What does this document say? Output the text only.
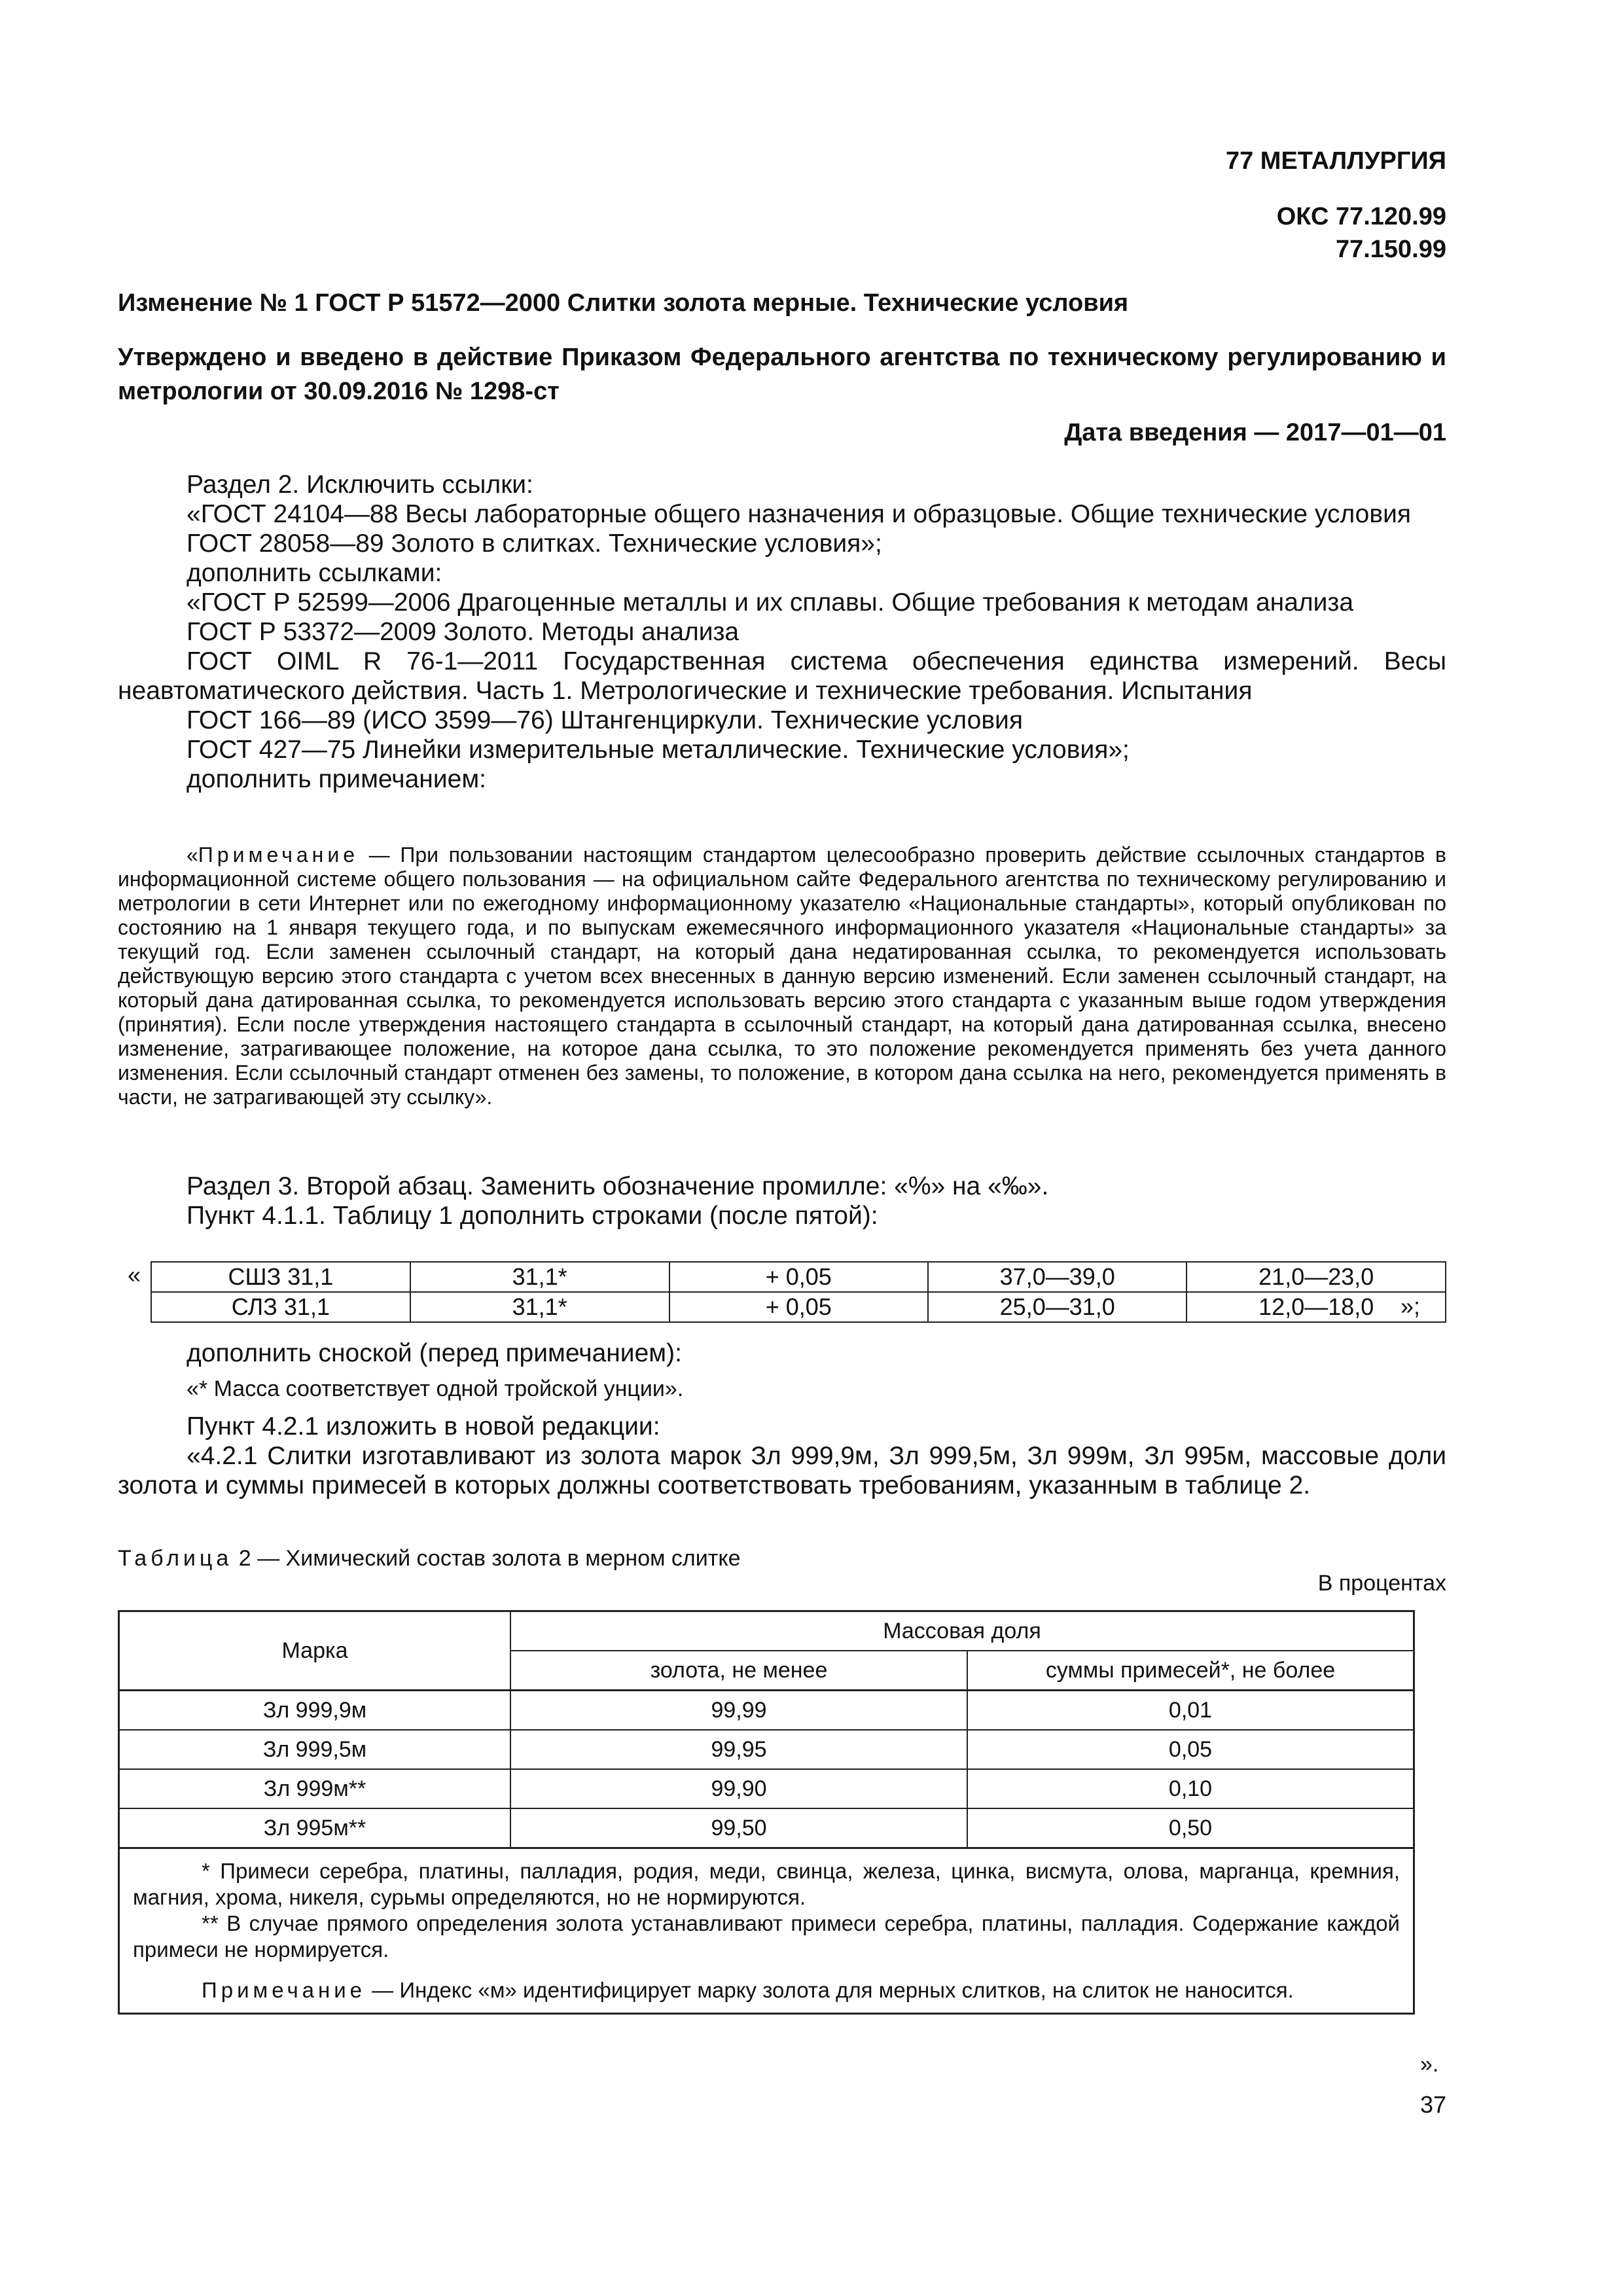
77 МЕТАЛЛУРГИЯ
ОКС 77.120.99
77.150.99
Изменение № 1 ГОСТ Р 51572—2000 Слитки золота мерные. Технические условия
Утверждено и введено в действие Приказом Федерального агентства по техническому регулированию и метрологии от 30.09.2016 № 1298-ст
Дата введения — 2017—01—01

Раздел 2. Исключить ссылки:

«ГОСТ 24104—88 Весы лабораторные общего назначения и образцовые. Общие технические условия

ГОСТ 28058—89 Золото в слитках. Технические условия»;

дополнить ссылками:

«ГОСТ Р 52599—2006 Драгоценные металлы и их сплавы. Общие требования к методам анализа

ГОСТ Р 53372—2009 Золото. Методы анализа

ГОСТ OIML R 76-1—2011 Государственная система обеспечения единства измерений. Весы неавтоматического действия. Часть 1. Метрологические и технические требования. Испытания

ГОСТ 166—89 (ИСО 3599—76) Штангенциркули. Технические условия

ГОСТ 427—75 Линейки измерительные металлические. Технические условия»;

дополнить примечанием:

«Примечание — При пользовании настоящим стандартом целесообразно проверить действие ссылочных стандартов в информационной системе общего пользования — на официальном сайте Федерального агентства по техническому регулированию и метрологии в сети Интернет или по ежегодному информационному указателю «Национальные стандарты», который опубликован по состоянию на 1 января текущего года, и по выпускам ежемесячного информационного указателя «Национальные стандарты» за текущий год. Если заменен ссылочный стандарт, на который дана недатированная ссылка, то рекомендуется использовать действующую версию этого стандарта с учетом всех внесенных в данную версию изменений. Если заменен ссылочный стандарт, на который дана датированная ссылка, то рекомендуется использовать версию этого стандарта с указанным выше годом утверждения (принятия). Если после утверждения настоящего стандарта в ссылочный стандарт, на который дана датированная ссылка, внесено изменение, затрагивающее положение, на которое дана ссылка, то это положение рекомендуется применять без учета данного изменения. Если ссылочный стандарт отменен без замены, то положение, в котором дана ссылка на него, рекомендуется применять в части, не затрагивающей эту ссылку».

Раздел 3. Второй абзац. Заменить обозначение промилле: «%» на «‰».

Пункт 4.1.1. Таблицу 1 дополнить строками (после пятой):

«	СШЗ 31,1	31,1*	+ 0,05	37,0—39,0	21,0—23,0
СЛЗ 31,1	31,1*	+ 0,05	25,0—31,0	12,0—18,0 »;

дополнить сноской (перед примечанием):

«* Масса соответствует одной тройской унции».

Пункт 4.2.1 изложить в новой редакции:

«4.2.1 Слитки изготавливают из золота марок Зл 999,9м, Зл 999,5м, Зл 999м, Зл 995м, массовые доли золота и суммы примесей в которых должны соответствовать требованиям, указанным в таблице 2.

Таблица 2 — Химический состав золота в мерном слитке
В процентах
Марка	Массовая доля	
	золота, не менее	суммы примесей*, не более
Зл 999,9м	99,99	0,01
Зл 999,5м	99,95	0,05
Зл 999м**	99,90	0,10
Зл 995м**	99,50	0,50

* Примеси серебра, платины, палладия, родия, меди, свинца, железа, цинка, висмута, олова, марганца, кремния, магния, хрома, никеля, сурьмы определяются, но не нормируются.

** В случае прямого определения золота устанавливают примеси серебра, платины, палладия. Содержание каждой примеси не нормируется.

Примечание — Индекс «м» идентифицирует марку золота для мерных слитков, на слиток не наносится.		

».
37
